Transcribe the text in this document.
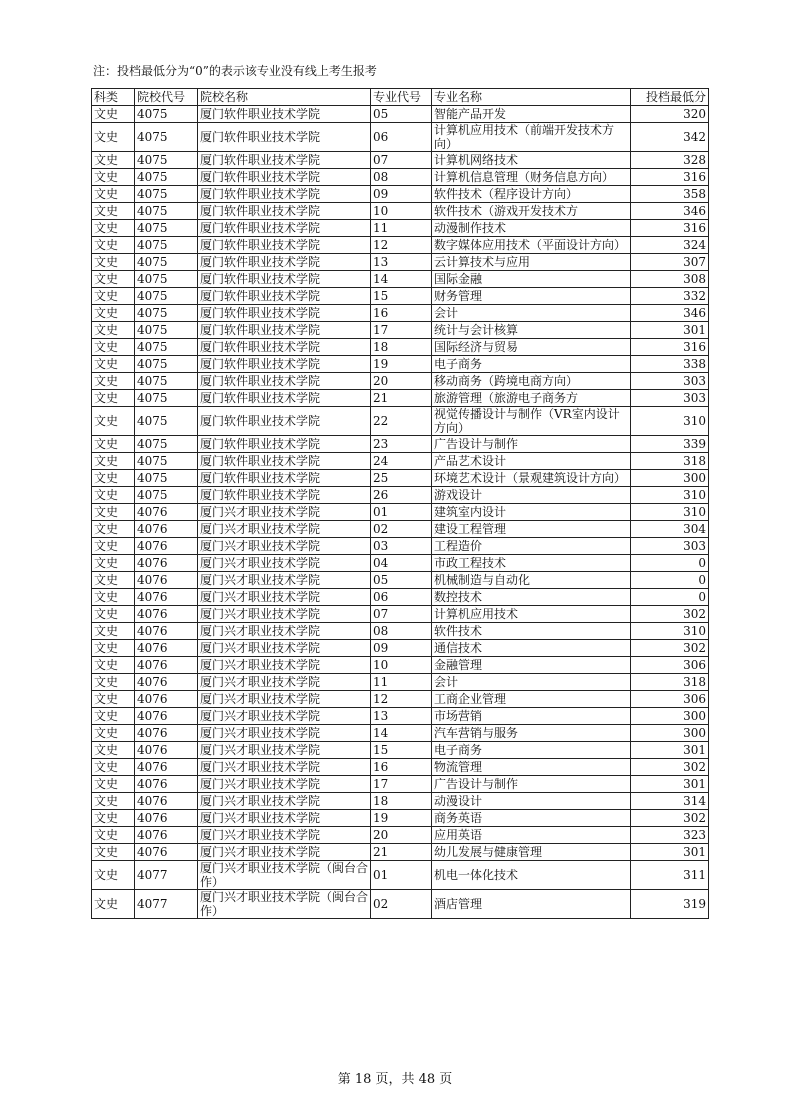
注：投档最低分为“0”的表示该专业没有线上考生报考
科类	院校代号	院校名称	专业代号	专业名称	投档最低分
文史	4075	厦门软件职业技术学院	05	智能产品开发	320
文史	4075	厦门软件职业技术学院	06	计算机应用技术（前端开发技术方向）	342
文史	4075	厦门软件职业技术学院	07	计算机网络技术	328
文史	4075	厦门软件职业技术学院	08	计算机信息管理（财务信息方向）	316
文史	4075	厦门软件职业技术学院	09	软件技术（程序设计方向）	358
文史	4075	厦门软件职业技术学院	10	软件技术（游戏开发技术方	346
文史	4075	厦门软件职业技术学院	11	动漫制作技术	316
文史	4075	厦门软件职业技术学院	12	数字媒体应用技术（平面设计方向）	324
文史	4075	厦门软件职业技术学院	13	云计算技术与应用	307
文史	4075	厦门软件职业技术学院	14	国际金融	308
文史	4075	厦门软件职业技术学院	15	财务管理	332
文史	4075	厦门软件职业技术学院	16	会计	346
文史	4075	厦门软件职业技术学院	17	统计与会计核算	301
文史	4075	厦门软件职业技术学院	18	国际经济与贸易	316
文史	4075	厦门软件职业技术学院	19	电子商务	338
文史	4075	厦门软件职业技术学院	20	移动商务（跨境电商方向）	303
文史	4075	厦门软件职业技术学院	21	旅游管理（旅游电子商务方	303
文史	4075	厦门软件职业技术学院	22	视觉传播设计与制作（VR室内设计方向）	310
文史	4075	厦门软件职业技术学院	23	广告设计与制作	339
文史	4075	厦门软件职业技术学院	24	产品艺术设计	318
文史	4075	厦门软件职业技术学院	25	环境艺术设计（景观建筑设计方向）	300
文史	4075	厦门软件职业技术学院	26	游戏设计	310
文史	4076	厦门兴才职业技术学院	01	建筑室内设计	310
文史	4076	厦门兴才职业技术学院	02	建设工程管理	304
文史	4076	厦门兴才职业技术学院	03	工程造价	303
文史	4076	厦门兴才职业技术学院	04	市政工程技术	0
文史	4076	厦门兴才职业技术学院	05	机械制造与自动化	0
文史	4076	厦门兴才职业技术学院	06	数控技术	0
文史	4076	厦门兴才职业技术学院	07	计算机应用技术	302
文史	4076	厦门兴才职业技术学院	08	软件技术	310
文史	4076	厦门兴才职业技术学院	09	通信技术	302
文史	4076	厦门兴才职业技术学院	10	金融管理	306
文史	4076	厦门兴才职业技术学院	11	会计	318
文史	4076	厦门兴才职业技术学院	12	工商企业管理	306
文史	4076	厦门兴才职业技术学院	13	市场营销	300
文史	4076	厦门兴才职业技术学院	14	汽车营销与服务	300
文史	4076	厦门兴才职业技术学院	15	电子商务	301
文史	4076	厦门兴才职业技术学院	16	物流管理	302
文史	4076	厦门兴才职业技术学院	17	广告设计与制作	301
文史	4076	厦门兴才职业技术学院	18	动漫设计	314
文史	4076	厦门兴才职业技术学院	19	商务英语	302
文史	4076	厦门兴才职业技术学院	20	应用英语	323
文史	4076	厦门兴才职业技术学院	21	幼儿发展与健康管理	301
文史	4077	厦门兴才职业技术学院（闽台合作）	01	机电一体化技术	311
文史	4077	厦门兴才职业技术学院（闽台合作）	02	酒店管理	319
第 18 页，共 48 页
